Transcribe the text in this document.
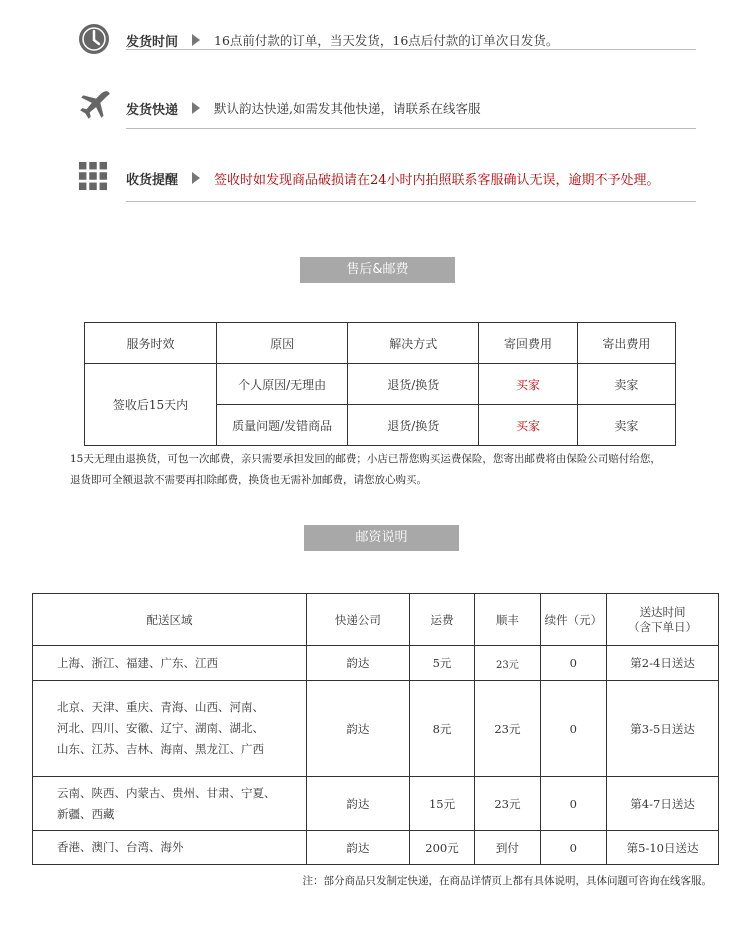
发货时间	16点前付款的订单，当天发货，16点后付款的订单次日发货。
发货快递	默认韵达快递,如需发其他快递，请联系在线客服
收货提醒	签收时如发现商品破损请在24小时内拍照联系客服确认无误，逾期不予处理。
售后&邮费
服务时效	原因	解决方式	寄回费用	寄出费用
签收后15天内	个人原因/无理由	退货/换货	买家	卖家
	质量问题/发错商品	退货/换货	买家	卖家
15天无理由退换货，可包一次邮费，亲只需要承担发回的邮费；小店已帮您购买运费保险，您寄出邮费将由保险公司赔付给您，
退货即可全额退款不需要再扣除邮费，换货也无需补加邮费，请您放心购买。
邮资说明
配送区域	快递公司	运费	顺丰	续件（元）	送达时间
（含下单日）

上海、浙江、福建、广东、江西	韵达	5元	23元	0	第2-4日送达

北京、天津、重庆、青海、山西、河南、
河北、四川、安徽、辽宁、湖南、湖北、
山东、江苏、吉林、海南、黑龙江、广西	韵达	8元	23元	0	第3-5日送达

云南、陕西、内蒙古、贵州、甘肃、宁夏、
新疆、西藏	韵达	15元	23元	0	第4-7日送达

香港、澳门、台湾、海外	韵达	200元	到付	0	第5-10日送达
注：部分商品只发制定快递，在商品详情页上都有具体说明，具体问题可咨询在线客服。
